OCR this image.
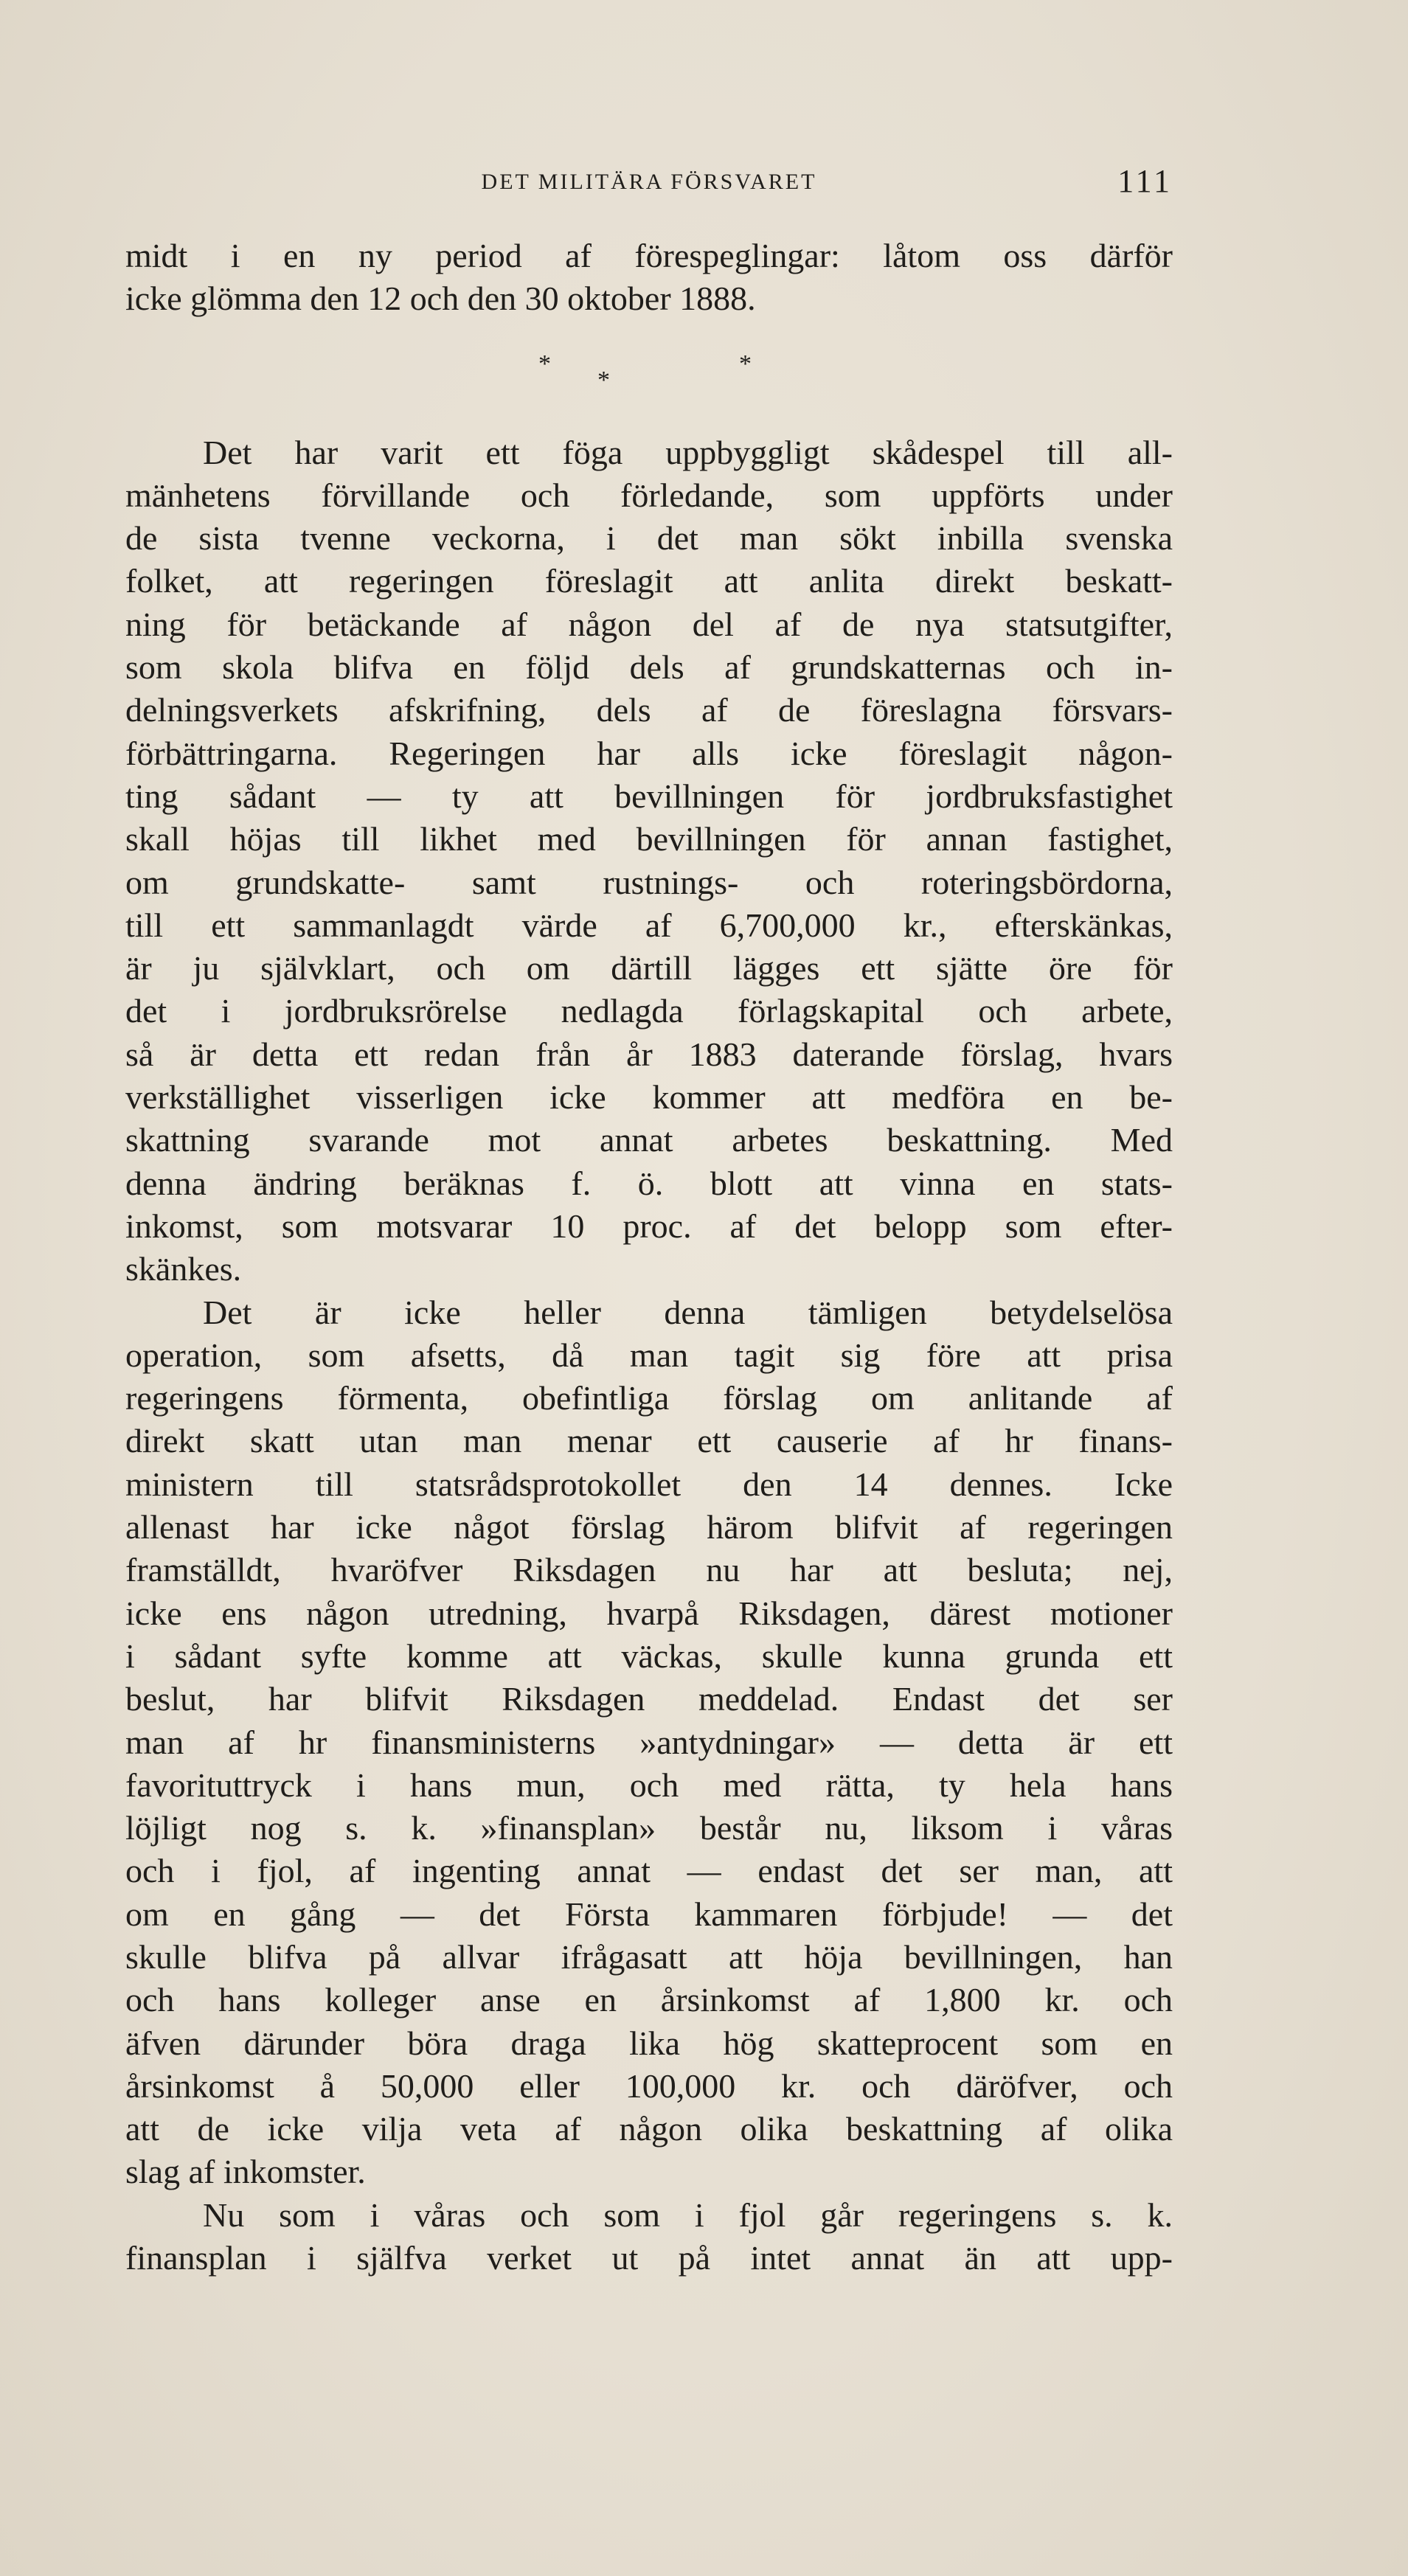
DET MILITÄRA FÖRSVARET	111
midt i en ny period af förespeglingar: låtom oss därför
icke glömma den 12 och den 30 oktober 1888.
*
*
*
Det har varit ett föga uppbyggligt skådespel till all-
mänhetens förvillande och förledande, som uppförts under
de sista tvenne veckorna, i det man sökt inbilla svenska
folket, att regeringen föreslagit att anlita direkt beskatt-
ning för betäckande af någon del af de nya statsutgifter,
som skola blifva en följd dels af grundskatternas och in-
delningsverkets afskrifning, dels af de föreslagna försvars-
förbättringarna. Regeringen har alls icke föreslagit någon-
ting sådant — ty att bevillningen för jordbruksfastighet
skall höjas till likhet med bevillningen för annan fastighet,
om grundskatte- samt rustnings- och roteringsbördorna,
till ett sammanlagdt värde af 6,700,000 kr., efterskänkas,
är ju självklart, och om därtill lägges ett sjätte öre för
det i jordbruksrörelse nedlagda förlagskapital och arbete,
så är detta ett redan från år 1883 daterande förslag, hvars
verkställighet visserligen icke kommer att medföra en be-
skattning svarande mot annat arbetes beskattning. Med
denna ändring beräknas f. ö. blott att vinna en stats-
inkomst, som motsvarar 10 proc. af det belopp som efter-
skänkes.
Det är icke heller denna tämligen betydelselösa
operation, som afsetts, då man tagit sig före att prisa
regeringens förmenta, obefintliga förslag om anlitande af
direkt skatt utan man menar ett causerie af hr finans-
ministern till statsrådsprotokollet den 14 dennes. Icke
allenast har icke något förslag härom blifvit af regeringen
framställdt, hvaröfver Riksdagen nu har att besluta; nej,
icke ens någon utredning, hvarpå Riksdagen, därest motioner
i sådant syfte komme att väckas, skulle kunna grunda ett
beslut, har blifvit Riksdagen meddelad. Endast det ser
man af hr finansministerns »antydningar» — detta är ett
favorituttryck i hans mun, och med rätta, ty hela hans
löjligt nog s. k. »finansplan» består nu, liksom i våras
och i fjol, af ingenting annat — endast det ser man, att
om en gång — det Första kammaren förbjude! — det
skulle blifva på allvar ifrågasatt att höja bevillningen, han
och hans kolleger anse en årsinkomst af 1,800 kr. och
äfven därunder böra draga lika hög skatteprocent som en
årsinkomst å 50,000 eller 100,000 kr. och däröfver, och
att de icke vilja veta af någon olika beskattning af olika
slag af inkomster.
Nu som i våras och som i fjol går regeringens s. k.
finansplan i själfva verket ut på intet annat än att upp-
